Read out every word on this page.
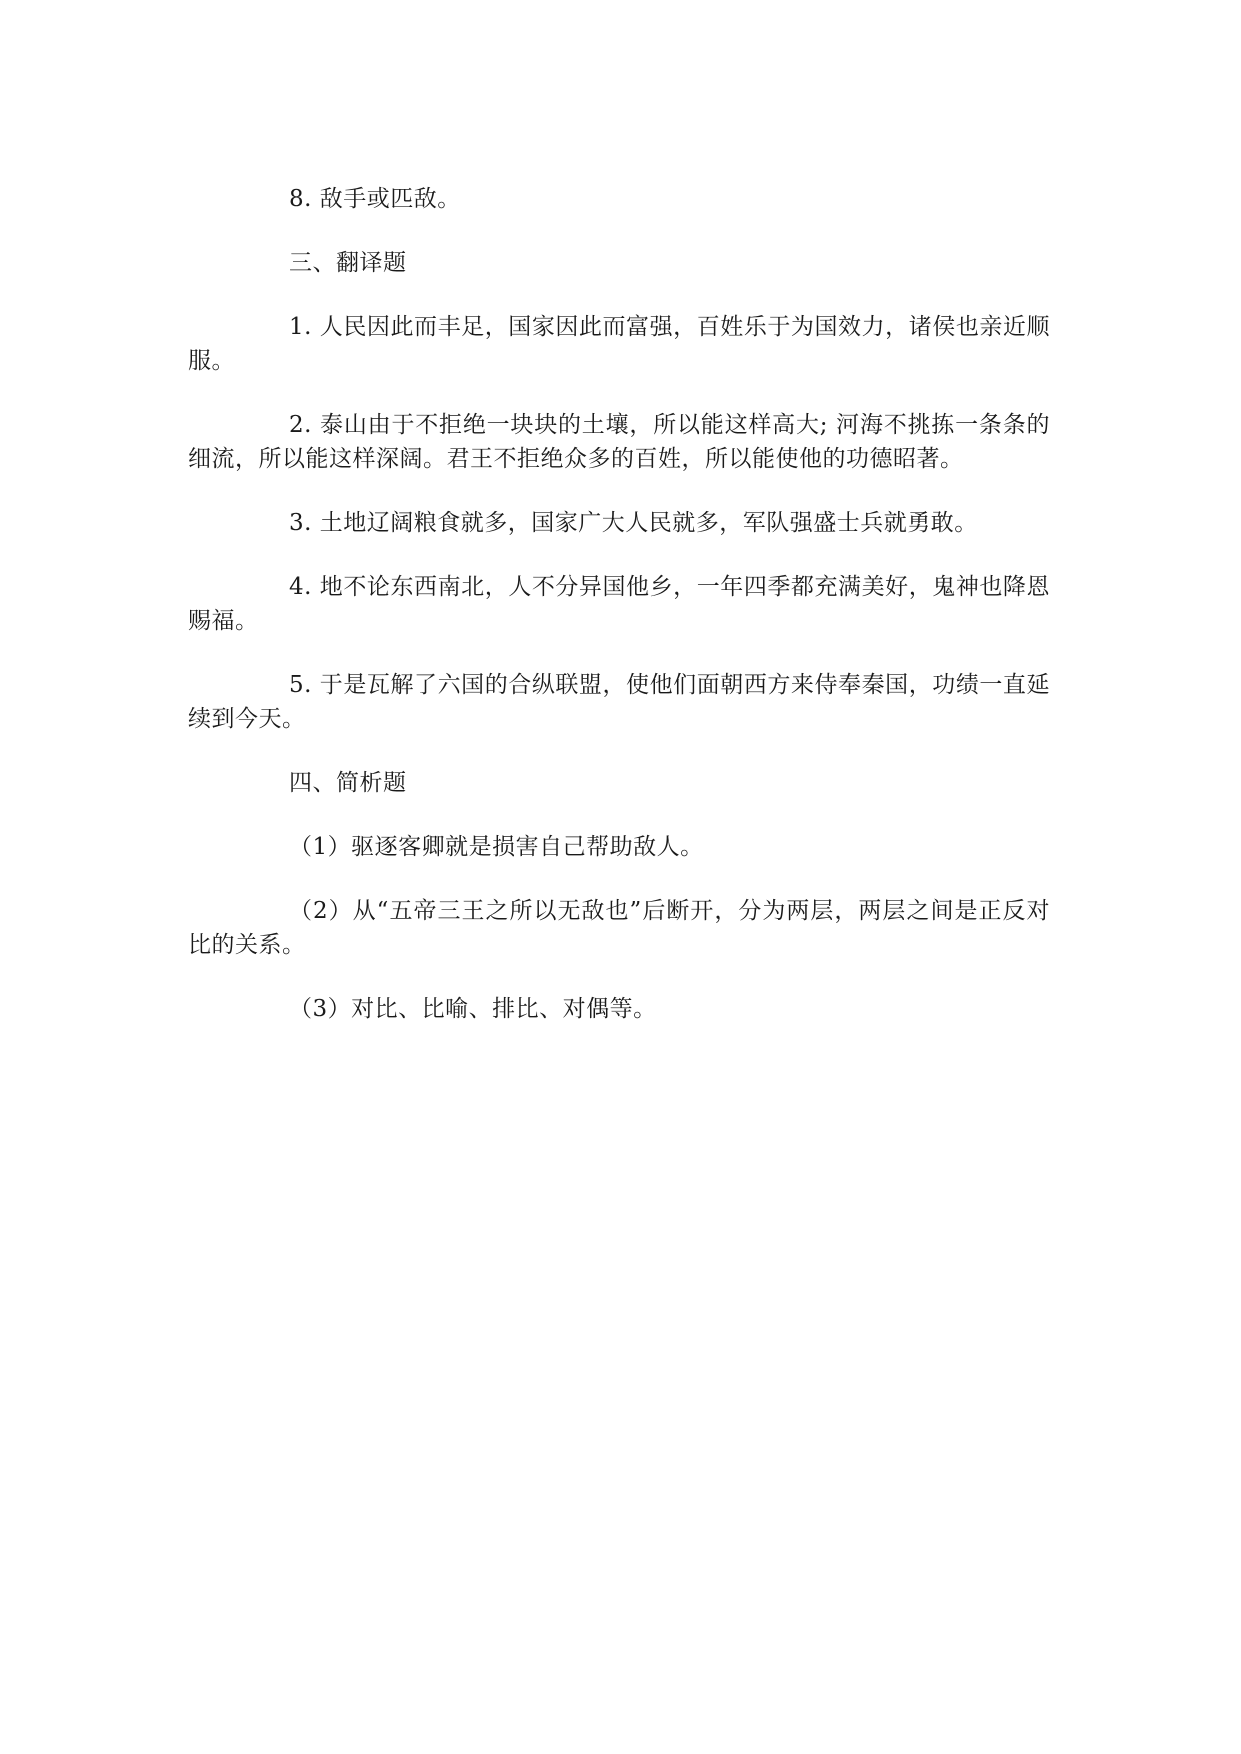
8. 敌手或匹敌。

三、翻译题

1. 人民因此而丰足，国家因此而富强，百姓乐于为国效力，诸侯也亲近顺服。

2. 泰山由于不拒绝一块块的土壤，所以能这样高大; 河海不挑拣一条条的细流，所以能这样深阔。君王不拒绝众多的百姓，所以能使他的功德昭著。

3. 土地辽阔粮食就多，国家广大人民就多，军队强盛士兵就勇敢。

4. 地不论东西南北，人不分异国他乡，一年四季都充满美好，鬼神也降恩赐福。

5. 于是瓦解了六国的合纵联盟，使他们面朝西方来侍奉秦国，功绩一直延续到今天。

四、简析题

（1）驱逐客卿就是损害自己帮助敌人。

（2）从“五帝三王之所以无敌也”后断开，分为两层，两层之间是正反对比的关系。

（3）对比、比喻、排比、对偶等。
